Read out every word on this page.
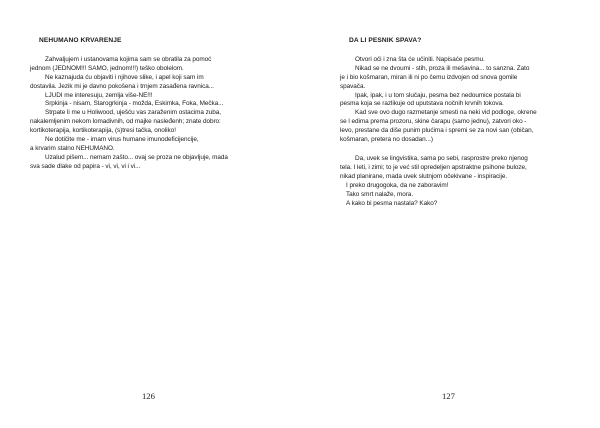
NEHUMANO KRVARENJE

Zahvaljujem i ustanovama kojima sam se obratila za pomoć

jednom (JEDNOM!!! SAMO, jednom!!!) teško obolelom.

Ne kaznajuda ću objaviti i njihove slike, i apel koji sam im

dostavila. Jezik mi je davno pokošena i trnjem zasađena ravnica...

LJUDI me interesuju, zemlja više-NE!!!

Srpkinja - nisam, Starogrkinja - možda, Eskimka, Foka, Mečka...

Strpate li me u Holiwood, uješću vas zaraženim ostacima zuba,

nakalemljenim nekom lomadivnih, od majke nasleđenh; znate dobro:

kortikoterapija, kortikoterapija, (s)tresi tačka, onoliko!

Ne dotičite me - imam virus humane imunodeficijencije,

a krvarim stalno NEHUMANO.

Uzalud pišem... nemam zašto... ovaj se proza ne objavljuje, mada

sva sade dlake od papira - vi, vi, vi i vi...

126

DA LI PESNIK SPAVA?

Otvori oči i zna šta će učiniti. Napisaće pesmu.

Nikad se ne dvoumi - stih, proza ili mešavina... to sanzna. Zato

je i bio košmaran, miran ili ni po čemu izdvojen od snova gomile

spavača.

Ipak, ipak, i u tom slučaju, pesma bez nedoumice postala bi

pesma koja se razlikuje od uputstava nočnih krvnih tokova.

Kad sve ovo dugo razmetanje smesti na neki vid podloge, okrene

se l edima prema prozoru, skine čarapu (samo jednu), zatvori oko -

levo, prestane da diše punim plućima i spremi se za novi san (običan,

košmaran, pretera no dosadan...)

Da, uvek se lingvistika, sama po sebi, rasprostre preko njenog

tela. I leti, i zimi; to je već stil opredeljen apstraktne psihone buloze,

nikad planirane, mada uvek slutnjom očekivane - inspiracije.

I preko drugogoka, da ne zaboravim!

Tako smrt nalaže, mora.

A kako bi pesma nastala? Kako?

127
